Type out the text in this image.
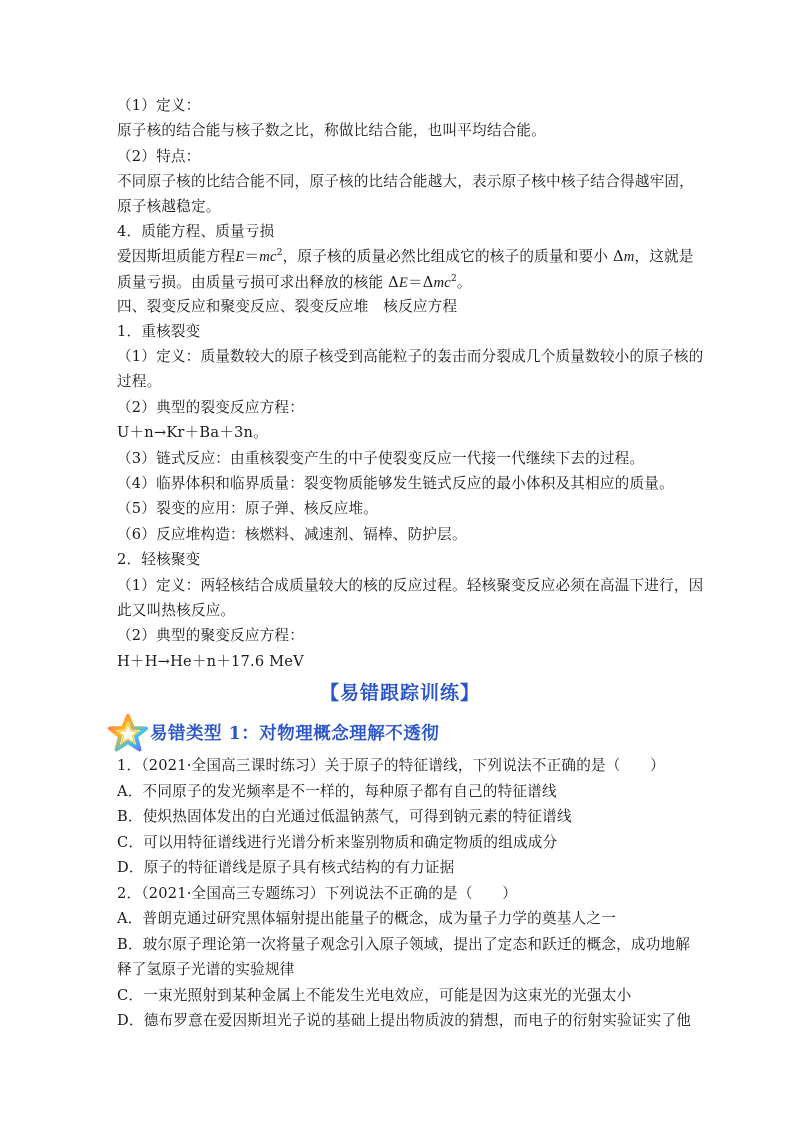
（1）定义：
原子核的结合能与核子数之比，称做比结合能，也叫平均结合能。
（2）特点：
不同原子核的比结合能不同，原子核的比结合能越大，表示原子核中核子结合得越牢固，
原子核越稳定。
4．质能方程、质量亏损
爱因斯坦质能方程$E=mc^2$，原子核的质量必然比组成它的核子的质量和要小 Δm，这就是
质量亏损。由质量亏损可求出释放的核能 ΔE＝Δmc$^2$。
四、裂变反应和聚变反应、裂变反应堆　核反应方程
1．重核裂变
（1）定义：质量数较大的原子核受到高能粒子的轰击而分裂成几个质量数较小的原子核的
过程。
（2）典型的裂变反应方程：
U＋n→Kr＋Ba＋3n。
（3）链式反应：由重核裂变产生的中子使裂变反应一代接一代继续下去的过程。
（4）临界体积和临界质量：裂变物质能够发生链式反应的最小体积及其相应的质量。
（5）裂变的应用：原子弹、核反应堆。
（6）反应堆构造：核燃料、减速剂、镉棒、防护层。
2．轻核聚变
（1）定义：两轻核结合成质量较大的核的反应过程。轻核聚变反应必须在高温下进行，因
此又叫热核反应。
（2）典型的聚变反应方程：
H＋H→He＋n＋17.6 MeV
【易错跟踪训练】
易错类型 1：对物理概念理解不透彻
1．（2021·全国高三课时练习）关于原子的特征谱线，下列说法不正确的是（　　）
A．不同原子的发光频率是不一样的，每种原子都有自己的特征谱线
B．使炽热固体发出的白光通过低温钠蒸气，可得到钠元素的特征谱线
C．可以用特征谱线进行光谱分析来鉴别物质和确定物质的组成成分
D．原子的特征谱线是原子具有核式结构的有力证据
2．（2021·全国高三专题练习）下列说法不正确的是（　　）
A．普朗克通过研究黑体辐射提出能量子的概念，成为量子力学的奠基人之一
B．玻尔原子理论第一次将量子观念引入原子领域，提出了定态和跃迁的概念，成功地解
释了氢原子光谱的实验规律
C．一束光照射到某种金属上不能发生光电效应，可能是因为这束光的光强太小
D．德布罗意在爱因斯坦光子说的基础上提出物质波的猜想，而电子的衍射实验证实了他
